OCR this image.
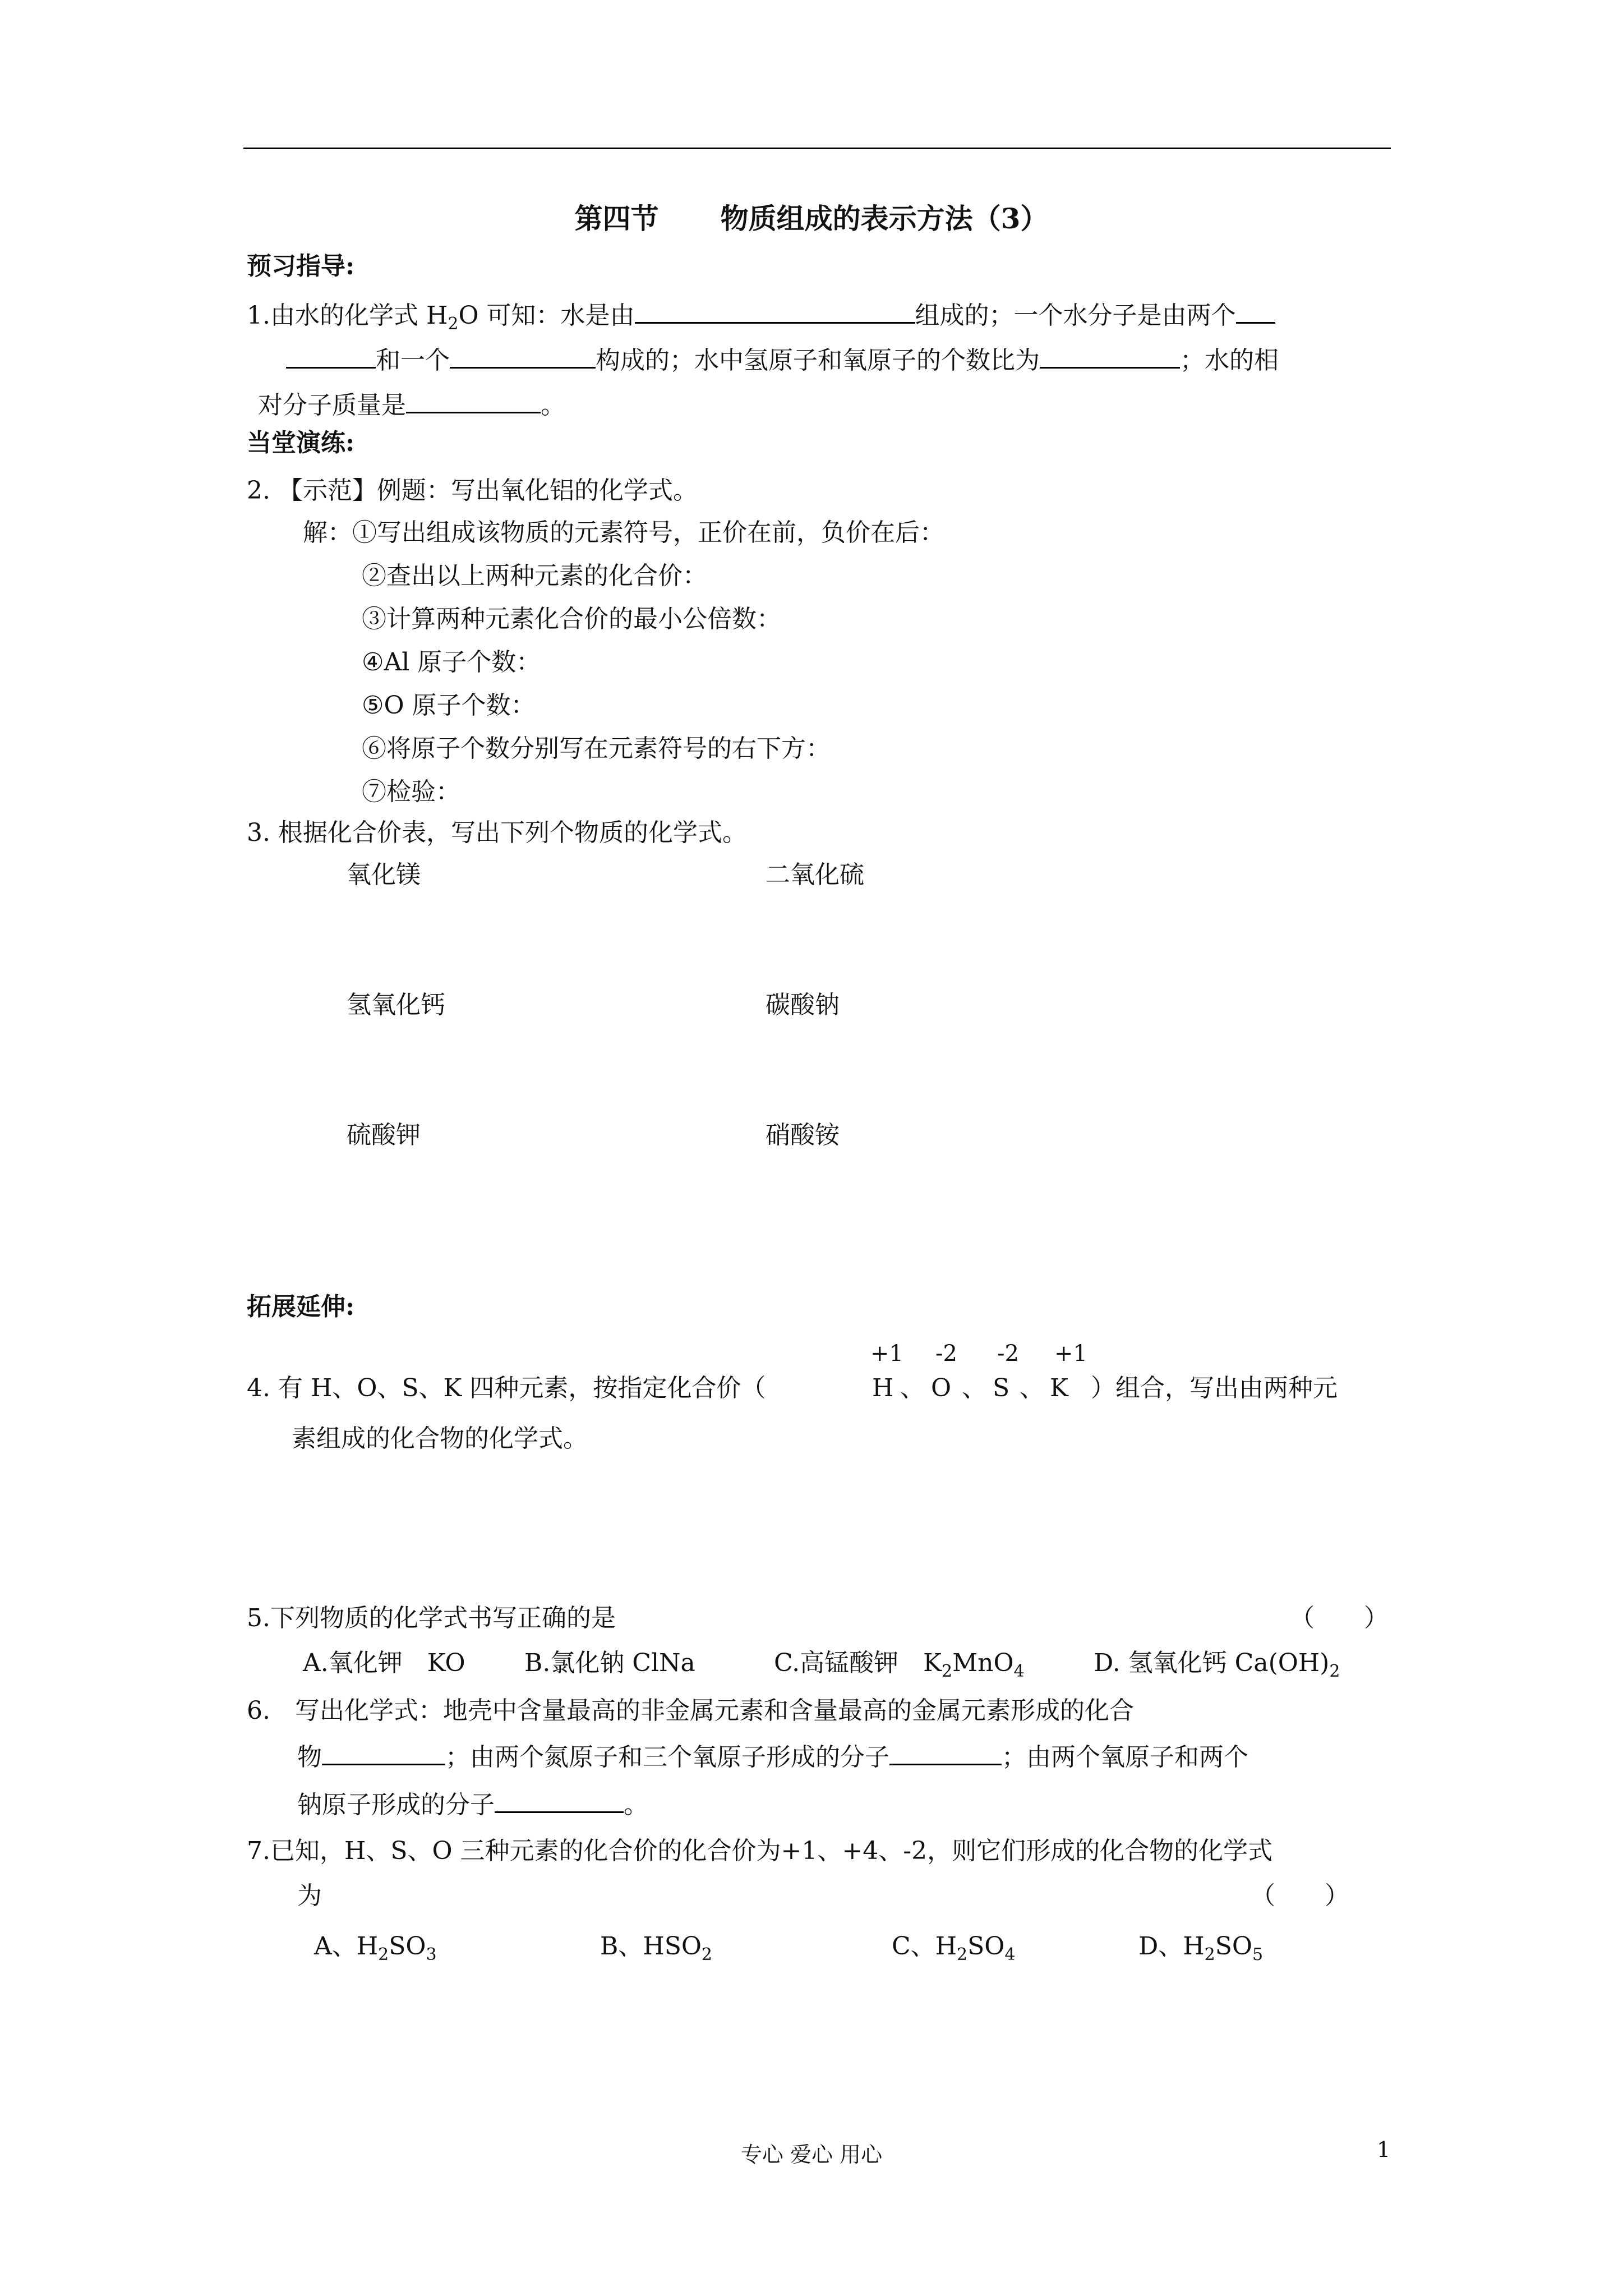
第四节 物质组成的表示方法（3）
预习指导:
1.由水的化学式 $H_2O$ 可知：水是由	组成的；一个水分子是由两个
和一个	构成的；水中氢原子和氧原子的个数比为	；水的相
对分子质量是	。
当堂演练:
2. 【示范】例题：写出氧化铝的化学式。
解：①写出组成该物质的元素符号，正价在前，负价在后：
②查出以上两种元素的化合价：
③计算两种元素化合价的最小公倍数：
④Al 原子个数：
⑤O 原子个数：
⑥将原子个数分别写在元素符号的右下方：
⑦检验：
3. 根据化合价表，写出下列个物质的化学式。
氧化镁	二氧化硫
氢氧化钙	碳酸钠
硫酸钾	硝酸铵
拓展延伸:
+1 -2 -2 +1
4. 有 H、O、S、K 四种元素，按指定化合价（	H 、 O 、 S 、 K ）组合，写出由两种元
素组成的化合物的化学式。
5.下列物质的化学式书写正确的是	（　　）
A.氧化钾　KO B.氯化钠 ClNa	C.高锰酸钾　$K_2MnO_4$	D. 氢氧化钙 $Ca(OH)_2$
6.　写出化学式：地壳中含量最高的非金属元素和含量最高的金属元素形成的化合
物	；由两个氮原子和三个氧原子形成的分子	；由两个氧原子和两个
钠原子形成的分子	。
7.已知，H、S、O 三种元素的化合价的化合价为+1、+4、-2，则它们形成的化合物的化学式
为	（　　）
A、$H_2SO_3$	B、$HSO_2$	C、$H_2SO_4$	D、$H_2SO_5$
专心 爱心 用心	1
